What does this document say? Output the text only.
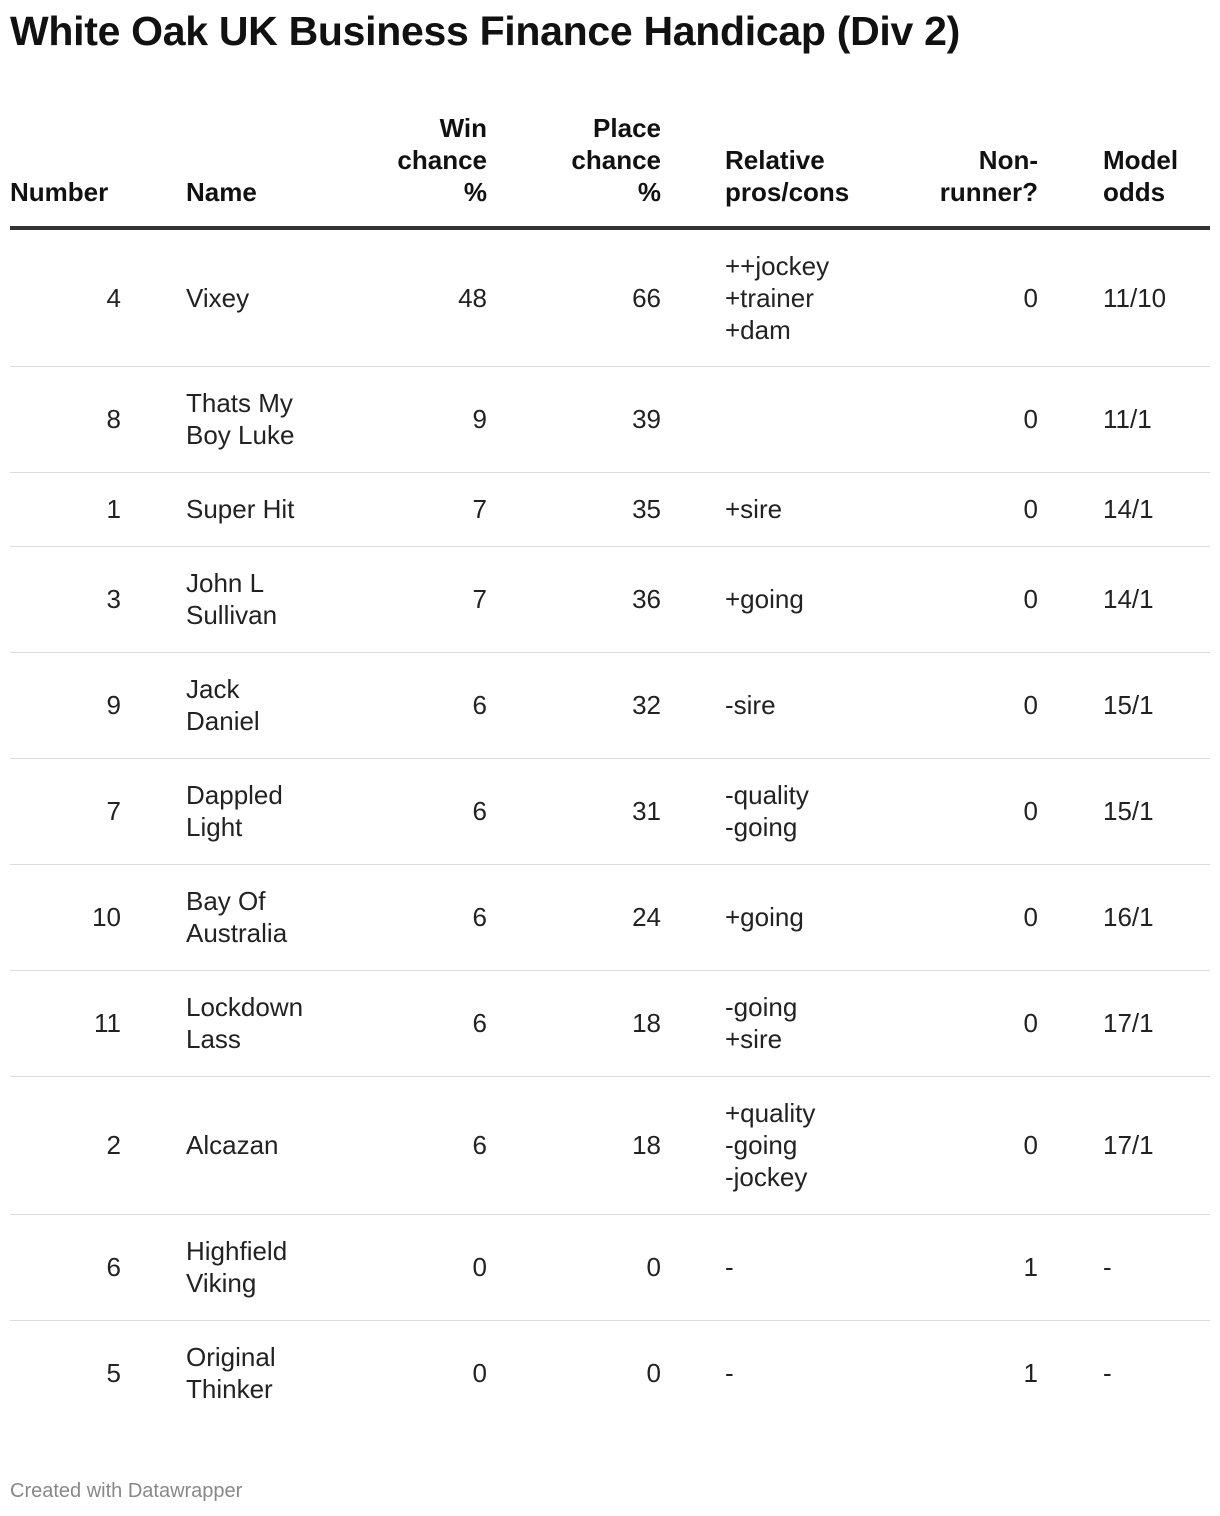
White Oak UK Business Finance Handicap (Div 2)
Number		Name	Win
chance
%	Place
chance
%		Relative
pros/cons	Non-
runner?		Model
odds

4		Vixey	48	66		++jockey
+trainer
+dam	0		11/10
8		Thats My
Boy Luke	9	39			0		11/1
1		Super Hit	7	35		+sire	0		14/1
3		John L
Sullivan	7	36		+going	0		14/1
9		Jack
Daniel	6	32		-sire	0		15/1
7		Dappled
Light	6	31		-quality
-going	0		15/1
10		Bay Of
Australia	6	24		+going	0		16/1
11		Lockdown
Lass	6	18		-going
+sire	0		17/1
2		Alcazan	6	18		+quality
-going
-jockey	0		17/1
6		Highfield
Viking	0	0		-	1		-
5		Original
Thinker	0	0		-	1		-
Created with Datawrapper
